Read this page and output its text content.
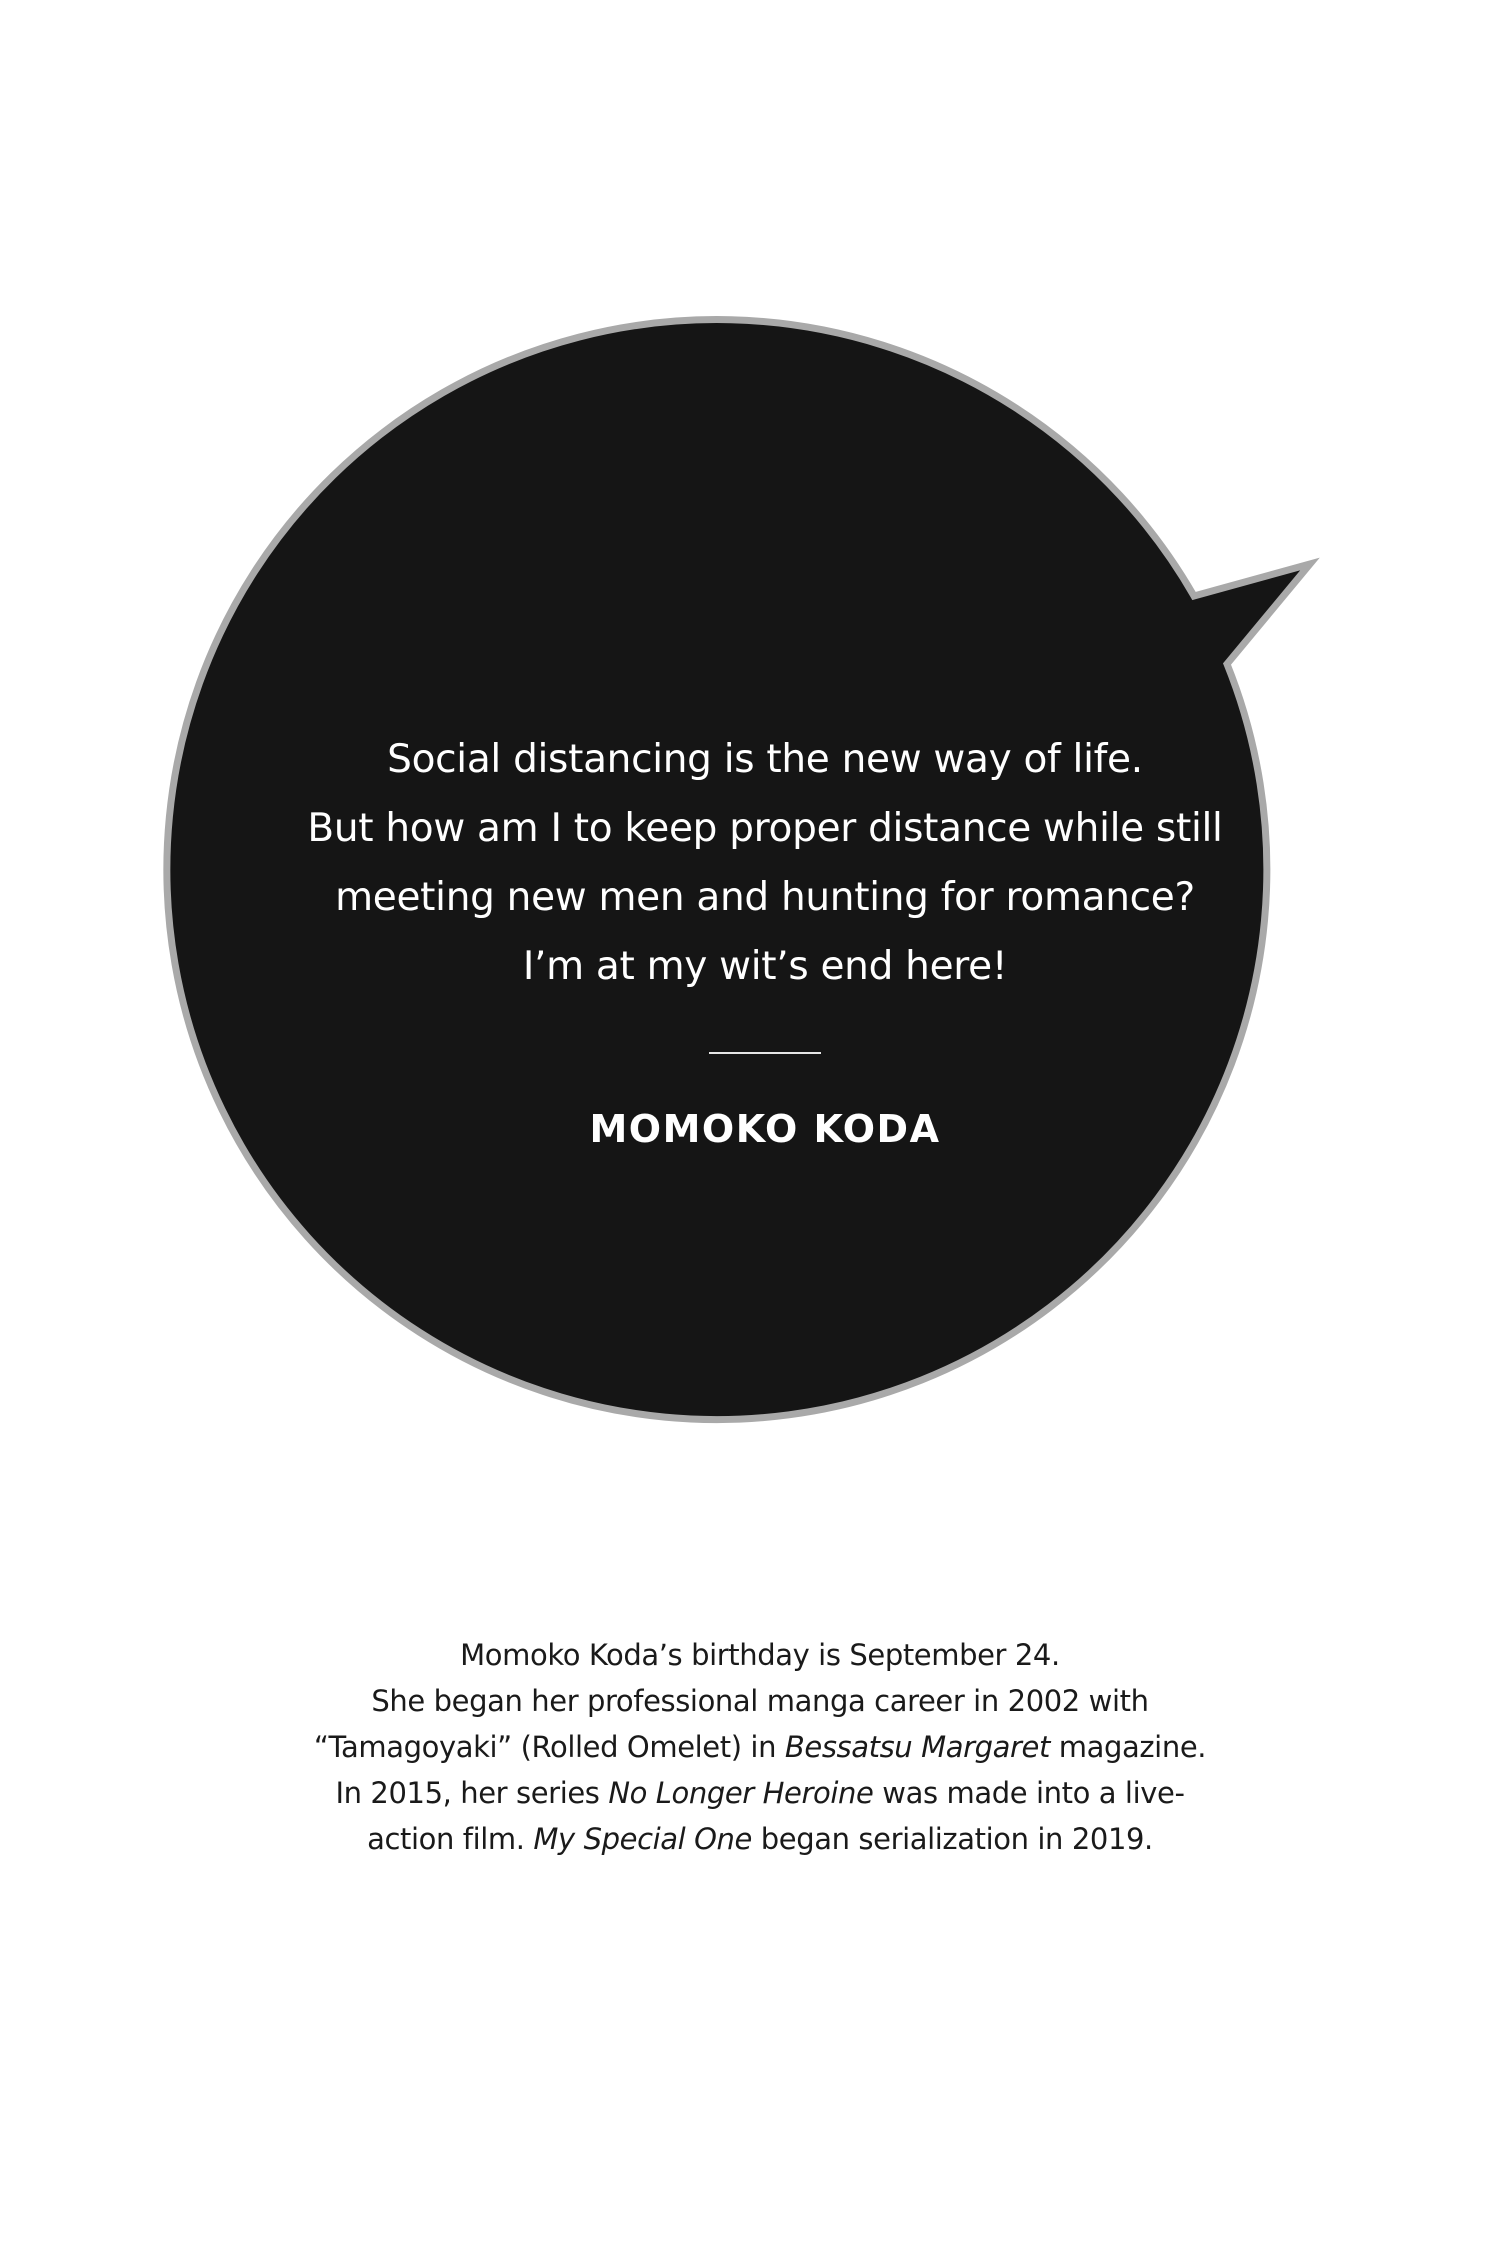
Social distancing is the new way of life.
But how am I to keep proper distance while still
meeting new men and hunting for romance?
I’m at my wit’s end here!
MOMOKO KODA
Momoko Koda’s birthday is September 24.
She began her professional manga career in 2002 with
“Tamagoyaki” (Rolled Omelet) in Bessatsu Margaret magazine.
In 2015, her series No Longer Heroine was made into a live-
action film. My Special One began serialization in 2019.
